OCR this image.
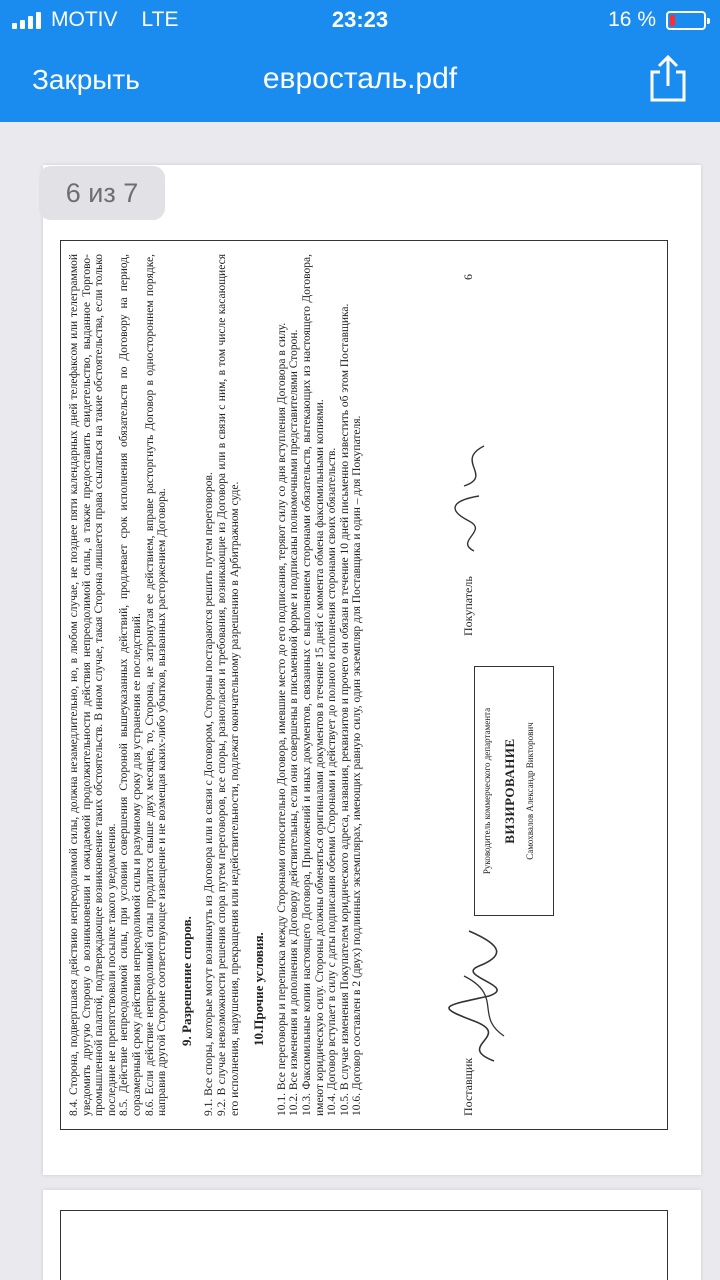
MOTIV LTE	23:23	16 %
Закрыть	евросталь.pdf

8.4. Сторона, подвергшаяся действию непреодолимой силы, должна незамедлительно, но, в любом случае, не позднее пяти календарных дней телефаксом или телеграммой уведомить другую Сторону о возникновении и ожидаемой продолжительности действия непреодолимой силы, а также предоставить свидетельство, выданное Торгово-промышленной палатой, подтверждающее возникновение таких обстоятельств. В ином случае, такая Сторона лишается права ссылаться на такие обстоятельства, если только последние не препятствовали посылке такого уведомления. 8.5. Действие непреодолимой силы, при условии совершения Стороной вышеуказанных действий, продлевает срок исполнения обязательств по Договору на период, соразмерный сроку действия непреодолимой силы и разумному сроку для устранения ее последствий. 8.6. Если действие непреодолимой силы продлится свыше двух месяцев, то, Сторона, не затронутая ее действием, вправе расторгнуть Договор в одностороннем порядке, направив другой Стороне соответствующее извещение и не возмещая каких-либо убытков, вызванных расторжением Договора. 9. Разрешение споров. 9.1. Все споры, которые могут возникнуть из Договора или в связи с Договором, Стороны постараются решить путем переговоров. 9.2. В случае невозможности решения спора путем переговоров, все споры, разногласия и требования, возникающие из Договора или в связи с ним, в том числе касающиеся его исполнения, нарушения, прекращения или недействительности, подлежат окончательному разрешению в Арбитражном суде. 10.Прочие условия. 10.1. Все переговоры и переписка между Сторонами относительно Договора, имевшие место до его подписания, теряют силу со дня вступления Договора в силу. 10.2. Все изменения и дополнения к Договору действительны, если они совершены в письменной форме и подписаны полномочными представителями Сторон. 10.3. Факсимильные копии настоящего Договора, Приложений и иных документов, связанных с выполнением сторонами обязательств, вытекающих из настоящего Договора, имеют юридическую силу. Стороны должны обменяться оригиналами документов в течение 15 дней с момента обмена факсимильными копиями. 10.4. Договор вступает в силу с даты подписания обеими Сторонами и действует до полного исполнения сторонами своих обязательств. 10.5. В случае изменения Покупателем юридического адреса, названия, реквизитов и прочего он обязан в течение 10 дней письменно известить об этом Поставщика. 10.6. Договор составлен в 2 (двух) подлинных экземплярах, имеющих равную силу, один экземпляр для Поставщика и один – для Покупателя.	Поставщик
Руководитель коммерческого департамента ВИЗИРОВАНИЕ Самохвалов Александр Викторович
Покупатель
6
6 из 7
